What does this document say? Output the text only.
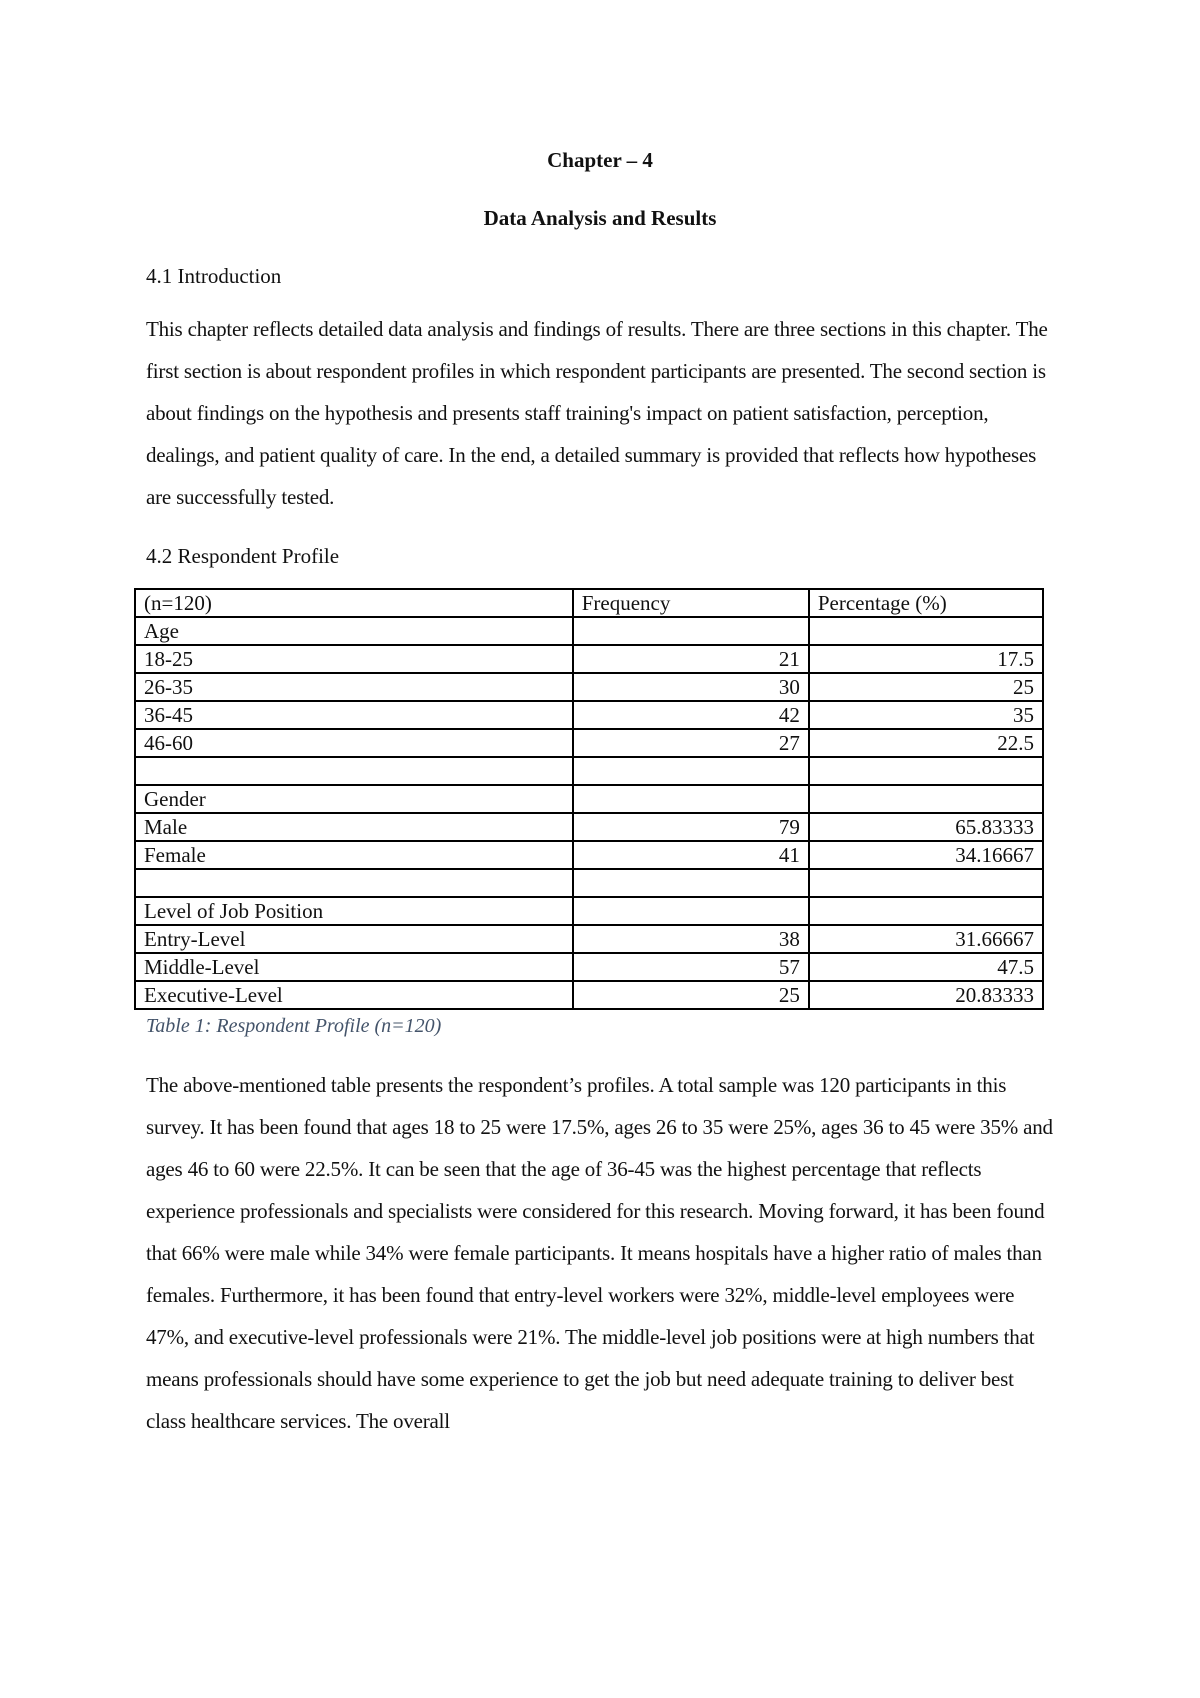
Chapter – 4
Data Analysis and Results
4.1 Introduction

This chapter reflects detailed data analysis and findings of results. There are three sections in this chapter. The first section is about respondent profiles in which respondent participants are presented. The second section is about findings on the hypothesis and presents staff training's impact on patient satisfaction, perception, dealings, and patient quality of care. In the end, a detailed summary is provided that reflects how hypotheses are successfully tested.

4.2 Respondent Profile
(n=120)	Frequency	Percentage (%)
Age		
18-25	21	17.5
26-35	30	25
36-45	42	35
46-60	27	22.5

Gender		
Male	79	65.83333
Female	41	34.16667

Level of Job Position		
Entry-Level	38	31.66667
Middle-Level	57	47.5
Executive-Level	25	20.83333
Table 1: Respondent Profile (n=120)

The above-mentioned table presents the respondent’s profiles. A total sample was 120 participants in this survey. It has been found that ages 18 to 25 were 17.5%, ages 26 to 35 were 25%, ages 36 to 45 were 35% and ages 46 to 60 were 22.5%. It can be seen that the age of 36-45 was the highest percentage that reflects experience professionals and specialists were considered for this research. Moving forward, it has been found that 66% were male while 34% were female participants. It means hospitals have a higher ratio of males than females. Furthermore, it has been found that entry-level workers were 32%, middle-level employees were 47%, and executive-level professionals were 21%. The middle-level job positions were at high numbers that means professionals should have some experience to get the job but need adequate training to deliver best class healthcare services. The overall
